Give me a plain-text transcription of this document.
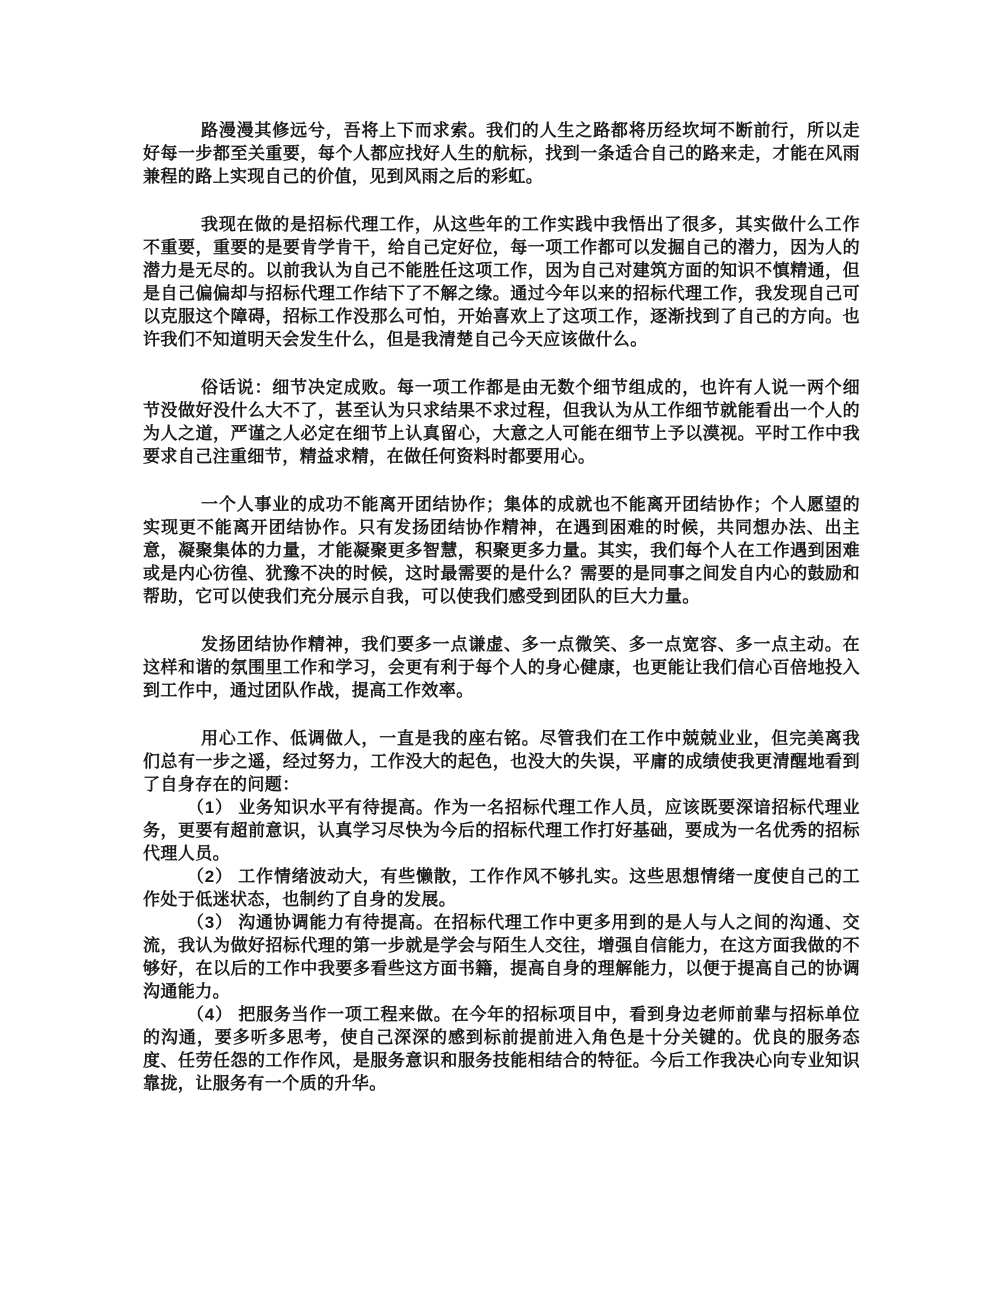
路漫漫其修远兮，吾将上下而求索。我们的人生之路都将历经坎坷不断前行，所以走好每一步都至关重要，每个人都应找好人生的航标，找到一条适合自己的路来走，才能在风雨兼程的路上实现自己的价值，见到风雨之后的彩虹。

我现在做的是招标代理工作，从这些年的工作实践中我悟出了很多，其实做什么工作不重要，重要的是要肯学肯干，给自己定好位，每一项工作都可以发掘自己的潜力，因为人的潜力是无尽的。以前我认为自己不能胜任这项工作，因为自己对建筑方面的知识不慎精通，但是自己偏偏却与招标代理工作结下了不解之缘。通过今年以来的招标代理工作，我发现自己可以克服这个障碍，招标工作没那么可怕，开始喜欢上了这项工作，逐渐找到了自己的方向。也许我们不知道明天会发生什么，但是我清楚自己今天应该做什么。

俗话说：细节决定成败。每一项工作都是由无数个细节组成的，也许有人说一两个细节没做好没什么大不了，甚至认为只求结果不求过程，但我认为从工作细节就能看出一个人的为人之道，严谨之人必定在细节上认真留心，大意之人可能在细节上予以漠视。平时工作中我要求自己注重细节，精益求精，在做任何资料时都要用心。

一个人事业的成功不能离开团结协作；集体的成就也不能离开团结协作；个人愿望的实现更不能离开团结协作。只有发扬团结协作精神，在遇到困难的时候，共同想办法、出主意，凝聚集体的力量，才能凝聚更多智慧，积聚更多力量。其实，我们每个人在工作遇到困难或是内心彷徨、犹豫不决的时候，这时最需要的是什么？需要的是同事之间发自内心的鼓励和帮助，它可以使我们充分展示自我，可以使我们感受到团队的巨大力量。

发扬团结协作精神，我们要多一点谦虚、多一点微笑、多一点宽容、多一点主动。在这样和谐的氛围里工作和学习，会更有利于每个人的身心健康，也更能让我们信心百倍地投入到工作中，通过团队作战，提高工作效率。

用心工作、低调做人，一直是我的座右铭。尽管我们在工作中兢兢业业，但完美离我们总有一步之遥，经过努力，工作没大的起色，也没大的失误，平庸的成绩使我更清醒地看到了自身存在的问题：

（1） 业务知识水平有待提高。作为一名招标代理工作人员，应该既要深谙招标代理业务，更要有超前意识，认真学习尽快为今后的招标代理工作打好基础，要成为一名优秀的招标代理人员。

（2） 工作情绪波动大，有些懒散，工作作风不够扎实。这些思想情绪一度使自己的工作处于低迷状态，也制约了自身的发展。

（3） 沟通协调能力有待提高。在招标代理工作中更多用到的是人与人之间的沟通、交流，我认为做好招标代理的第一步就是学会与陌生人交往，增强自信能力，在这方面我做的不够好，在以后的工作中我要多看些这方面书籍，提高自身的理解能力，以便于提高自己的协调沟通能力。

（4） 把服务当作一项工程来做。在今年的招标项目中，看到身边老师前辈与招标单位的沟通，要多听多思考，使自己深深的感到标前提前进入角色是十分关键的。优良的服务态度、任劳任怨的工作作风，是服务意识和服务技能相结合的特征。今后工作我决心向专业知识靠拢，让服务有一个质的升华。
